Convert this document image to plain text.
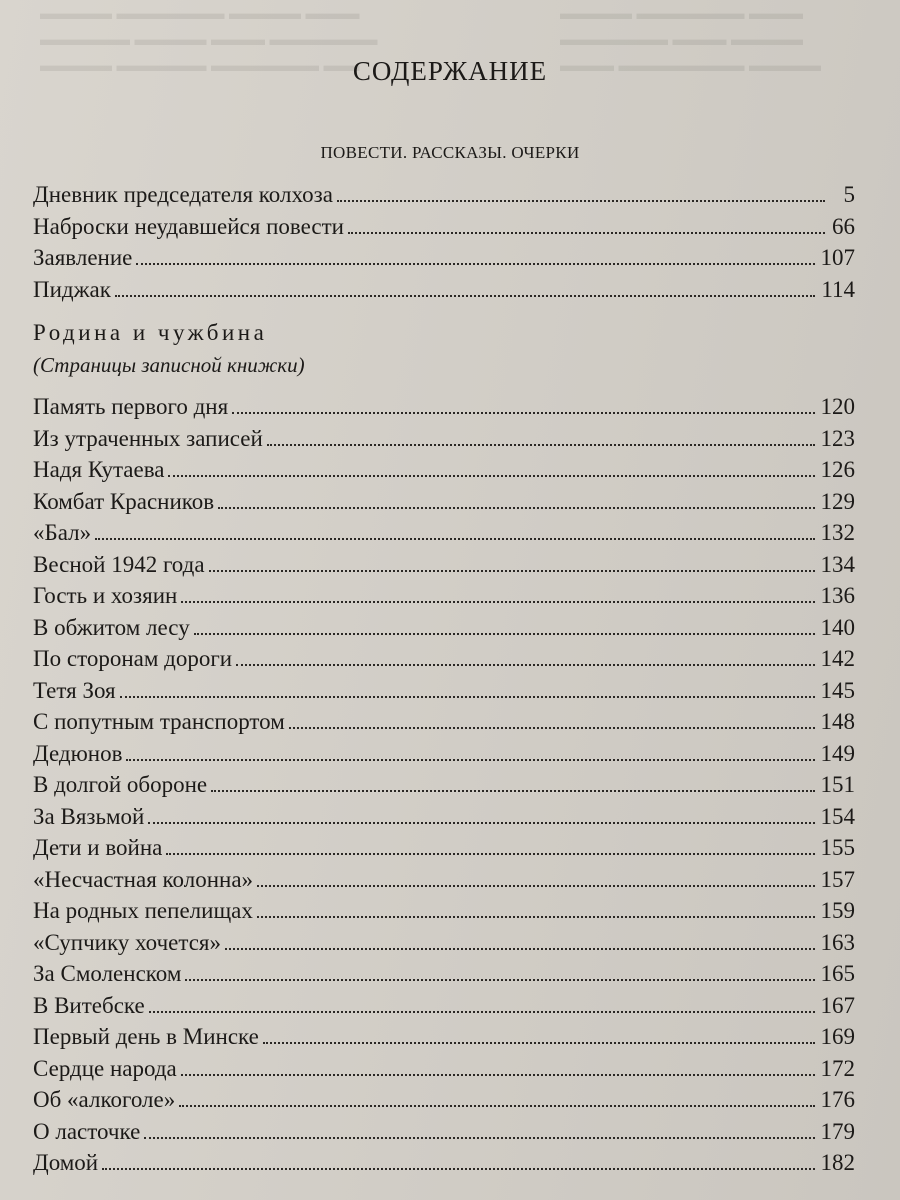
▬▬▬▬ ▬▬▬▬▬▬ ▬▬▬▬ ▬▬▬
▬▬▬▬▬ ▬▬▬▬ ▬▬▬ ▬▬▬▬▬▬
▬▬▬▬ ▬▬▬▬▬ ▬▬▬▬▬▬ ▬▬
▬▬▬▬ ▬▬▬▬▬▬ ▬▬▬
▬▬▬▬▬▬ ▬▬▬ ▬▬▬▬
▬▬▬ ▬▬▬▬▬▬▬ ▬▬▬▬
СОДЕРЖАНИЕ
ПОВЕСТИ. РАССКАЗЫ. ОЧЕРКИ
Дневник председателя колхоза	5
Наброски неудавшейся повести	66
Заявление	107
Пиджак	114
Родина и чужбина
(Страницы записной книжки)
Память первого дня	120
Из утраченных записей	123
Надя Кутаева	126
Комбат Красников	129
«Бал»	132
Весной 1942 года	134
Гость и хозяин	136
В обжитом лесу	140
По сторонам дороги	142
Тетя Зоя	145
С попутным транспортом	148
Дедюнов	149
В долгой обороне	151
За Вязьмой	154
Дети и война	155
«Несчастная колонна»	157
На родных пепелищах	159
«Супчику хочется»	163
За Смоленском	165
В Витебске	167
Первый день в Минске	169
Сердце народа	172
Об «алкоголе»	176
О ласточке	179
Домой	182
